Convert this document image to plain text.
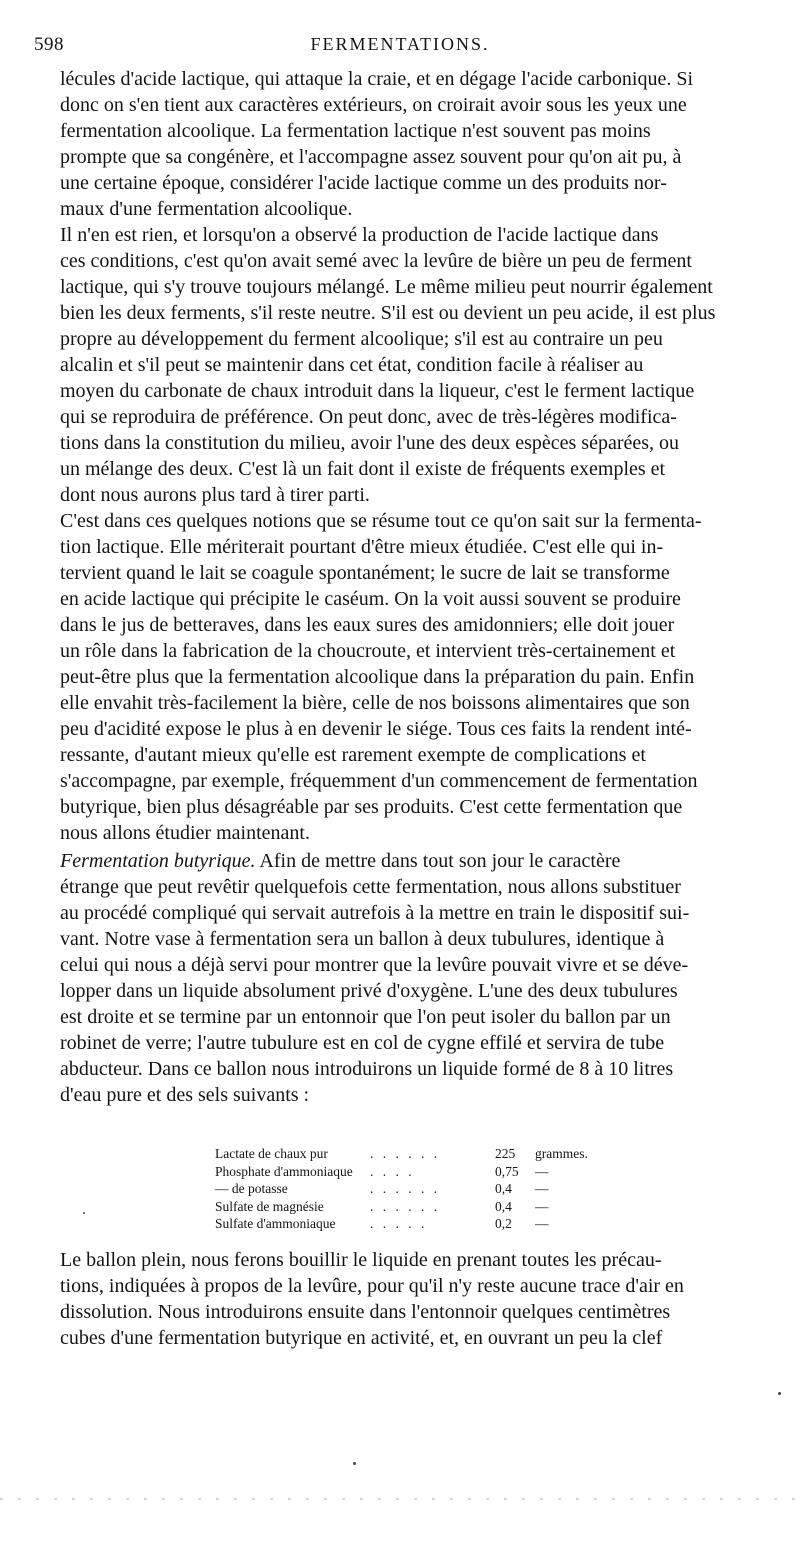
598	FERMENTATIONS.
lécules d'acide lactique, qui attaque la craie, et en dégage l'acide carbonique. Si
donc on s'en tient aux caractères extérieurs, on croirait avoir sous les yeux une
fermentation alcoolique. La fermentation lactique n'est souvent pas moins
prompte que sa congénère, et l'accompagne assez souvent pour qu'on ait pu, à
une certaine époque, considérer l'acide lactique comme un des produits nor-
maux d'une fermentation alcoolique.
Il n'en est rien, et lorsqu'on a observé la production de l'acide lactique dans
ces conditions, c'est qu'on avait semé avec la levûre de bière un peu de ferment
lactique, qui s'y trouve toujours mélangé. Le même milieu peut nourrir également
bien les deux ferments, s'il reste neutre. S'il est ou devient un peu acide, il est plus
propre au développement du ferment alcoolique; s'il est au contraire un peu
alcalin et s'il peut se maintenir dans cet état, condition facile à réaliser au
moyen du carbonate de chaux introduit dans la liqueur, c'est le ferment lactique
qui se reproduira de préférence. On peut donc, avec de très-légères modifica-
tions dans la constitution du milieu, avoir l'une des deux espèces séparées, ou
un mélange des deux. C'est là un fait dont il existe de fréquents exemples et
dont nous aurons plus tard à tirer parti.
C'est dans ces quelques notions que se résume tout ce qu'on sait sur la fermenta-
tion lactique. Elle mériterait pourtant d'être mieux étudiée. C'est elle qui in-
tervient quand le lait se coagule spontanément; le sucre de lait se transforme
en acide lactique qui précipite le caséum. On la voit aussi souvent se produire
dans le jus de betteraves, dans les eaux sures des amidonniers; elle doit jouer
un rôle dans la fabrication de la choucroute, et intervient très-certainement et
peut-être plus que la fermentation alcoolique dans la préparation du pain. Enfin
elle envahit très-facilement la bière, celle de nos boissons alimentaires que son
peu d'acidité expose le plus à en devenir le siége. Tous ces faits la rendent inté-
ressante, d'autant mieux qu'elle est rarement exempte de complications et
s'accompagne, par exemple, fréquemment d'un commencement de fermentation
butyrique, bien plus désagréable par ses produits. C'est cette fermentation que
nous allons étudier maintenant.
Fermentation butyrique. Afin de mettre dans tout son jour le caractère
étrange que peut revêtir quelquefois cette fermentation, nous allons substituer
au procédé compliqué qui servait autrefois à la mettre en train le dispositif sui-
vant. Notre vase à fermentation sera un ballon à deux tubulures, identique à
celui qui nous a déjà servi pour montrer que la levûre pouvait vivre et se déve-
lopper dans un liquide absolument privé d'oxygène. L'une des deux tubulures
est droite et se termine par un entonnoir que l'on peut isoler du ballon par un
robinet de verre; l'autre tubulure est en col de cygne effilé et servira de tube
abducteur. Dans ce ballon nous introduirons un liquide formé de 8 à 10 litres
d'eau pure et des sels suivants :
Lactate de chaux pur	. . . . . .	225 grammes.
Phosphate d'ammoniaque . . . .	0,75 —
— de potasse	. . . . . .	0,4 —
Sulfate de magnésie	. . . . . .	0,4 —
Sulfate d'ammoniaque	. . . . .	0,2 —
Le ballon plein, nous ferons bouillir le liquide en prenant toutes les précau-
tions, indiquées à propos de la levûre, pour qu'il n'y reste aucune trace d'air en
dissolution. Nous introduirons ensuite dans l'entonnoir quelques centimètres
cubes d'une fermentation butyrique en activité, et, en ouvrant un peu la clef
